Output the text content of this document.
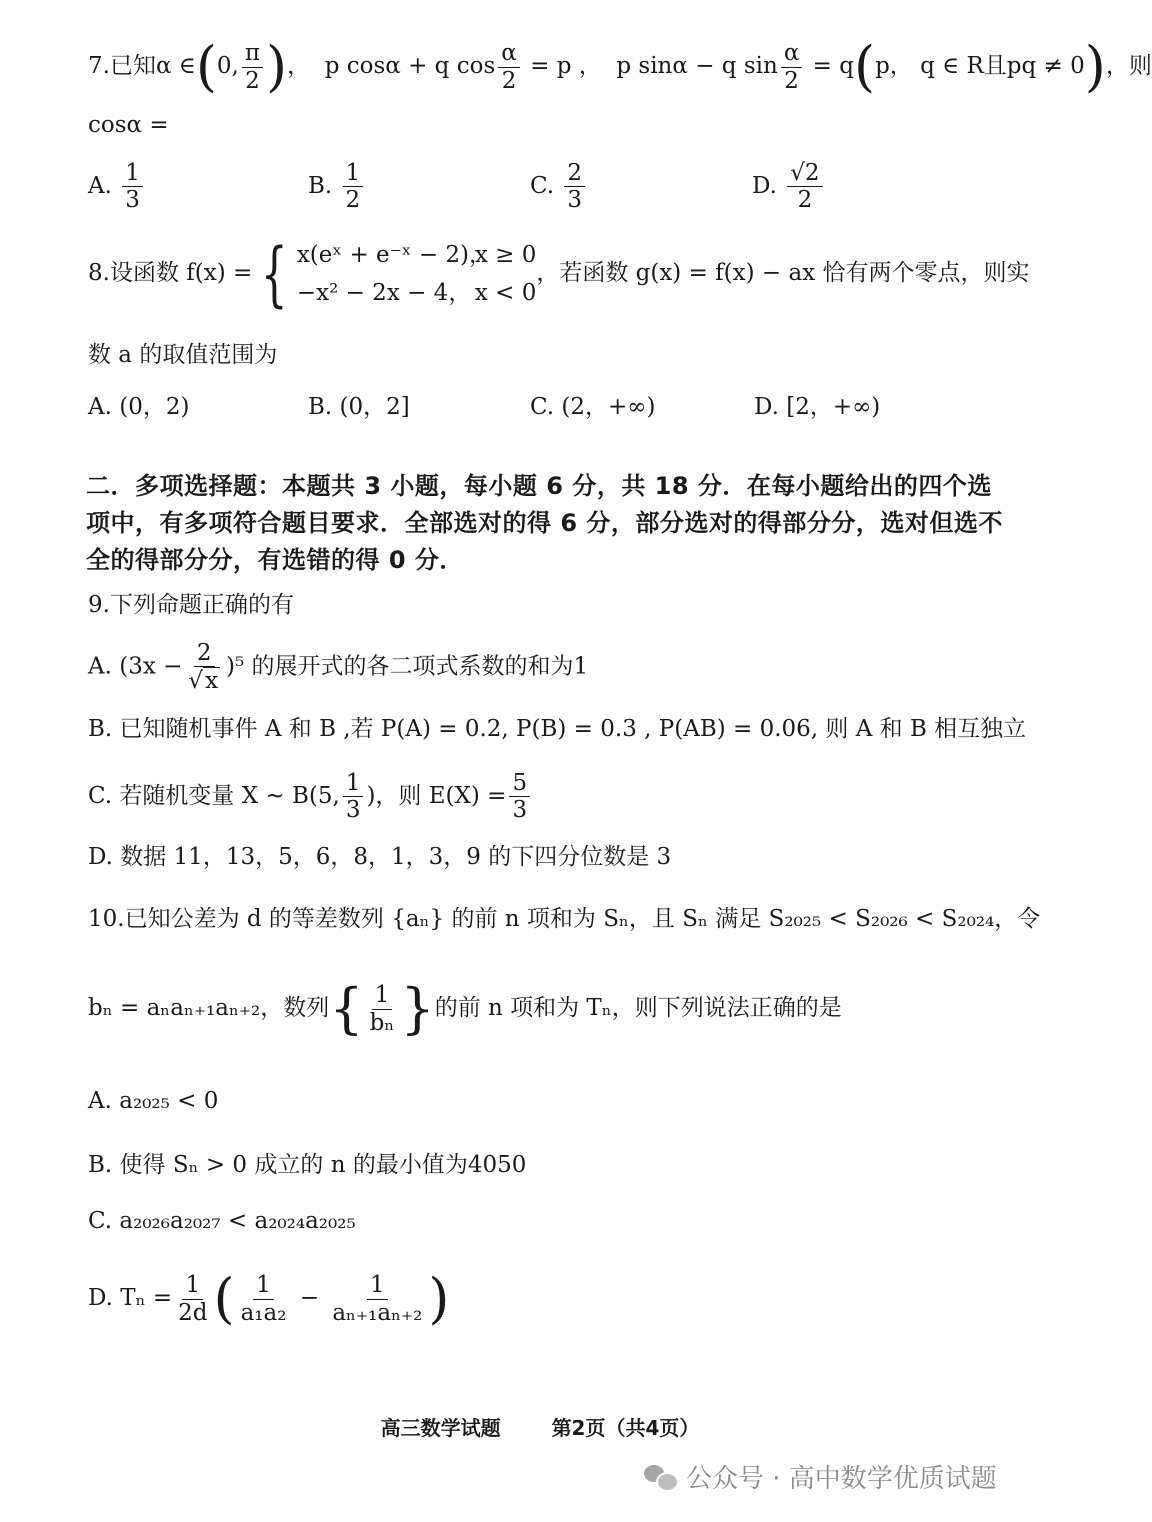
7.已知α ∈(0, $\frac{\pi}{2}$ )， p cosα + q $\cos \frac{\alpha}{2} = p$ ， p sinα − q $\sin \frac{\alpha}{2} = q(p$， q ∈ R且pq ≠ 0)，则
cosα =
A. $\frac{1}{3}$	B. $\frac{1}{2}$	C. $\frac{2}{3}$	D. $\frac{√2}{2}$
8.设函数 f(x) = { x(eˣ + e⁻ˣ − 2)，
x ≥ 0
−x² − 2x − 4， x < 0
，若函数 g(x) = f(x) − ax 恰有两个零点，则实
数 a 的取值范围为
A. (0，2)	B. (0，2]	C. (2，+∞)	D. [2，+∞)
二．多项选择题：本题共 3 小题，每小题 6 分，共 18 分．在每小题给出的四个选项中，有多项符合题目要求．全部选对的得 6 分，部分选对的得部分分，选对但选不全的得部分分，有选错的得 0 分．
9.下列命题正确的有
A. $(3x - \frac{2}{√x} )^5$ 的展开式的各二项式系数的和为1
B. 已知随机事件 A 和 B ,若 P(A) = 0.2, P(B) = 0.3 , P(AB) = 0.06, 则 A 和 B 相互独立
C. 若随机变量 X ~ B(5, $\frac{1}{3}$ )，则 $E(X) = \frac{5}{3}$
D. 数据 11，13，5，6，8，1，3，9 的下四分位数是 3
10.已知公差为 d 的等差数列 {aₙ} 的前 n 项和为 Sₙ，且 Sₙ 满足 S₂₀₂₅ < S₂₀₂₆ < S₂₀₂₄，令
bₙ = aₙaₙ₊₁aₙ₊₂，数列{ $\frac{1}{\text{bₙ}}$ }的前 n 项和为 Tₙ，则下列说法正确的是
A. a₂₀₂₅ < 0
B. 使得 Sₙ > 0 成立的 n 的最小值为4050
C. a₂₀₂₆a₂₀₂₇ < a₂₀₂₄a₂₀₂₅
D. $T_n = \frac{1}{2d}$ ( $\frac{1}{\text{a₁a₂}} - \frac{1}{\text{aₙ₊₁aₙ₊₂}}$ )
高三数学试题	第2页（共4页）
公众号 · 高中数学优质试题
